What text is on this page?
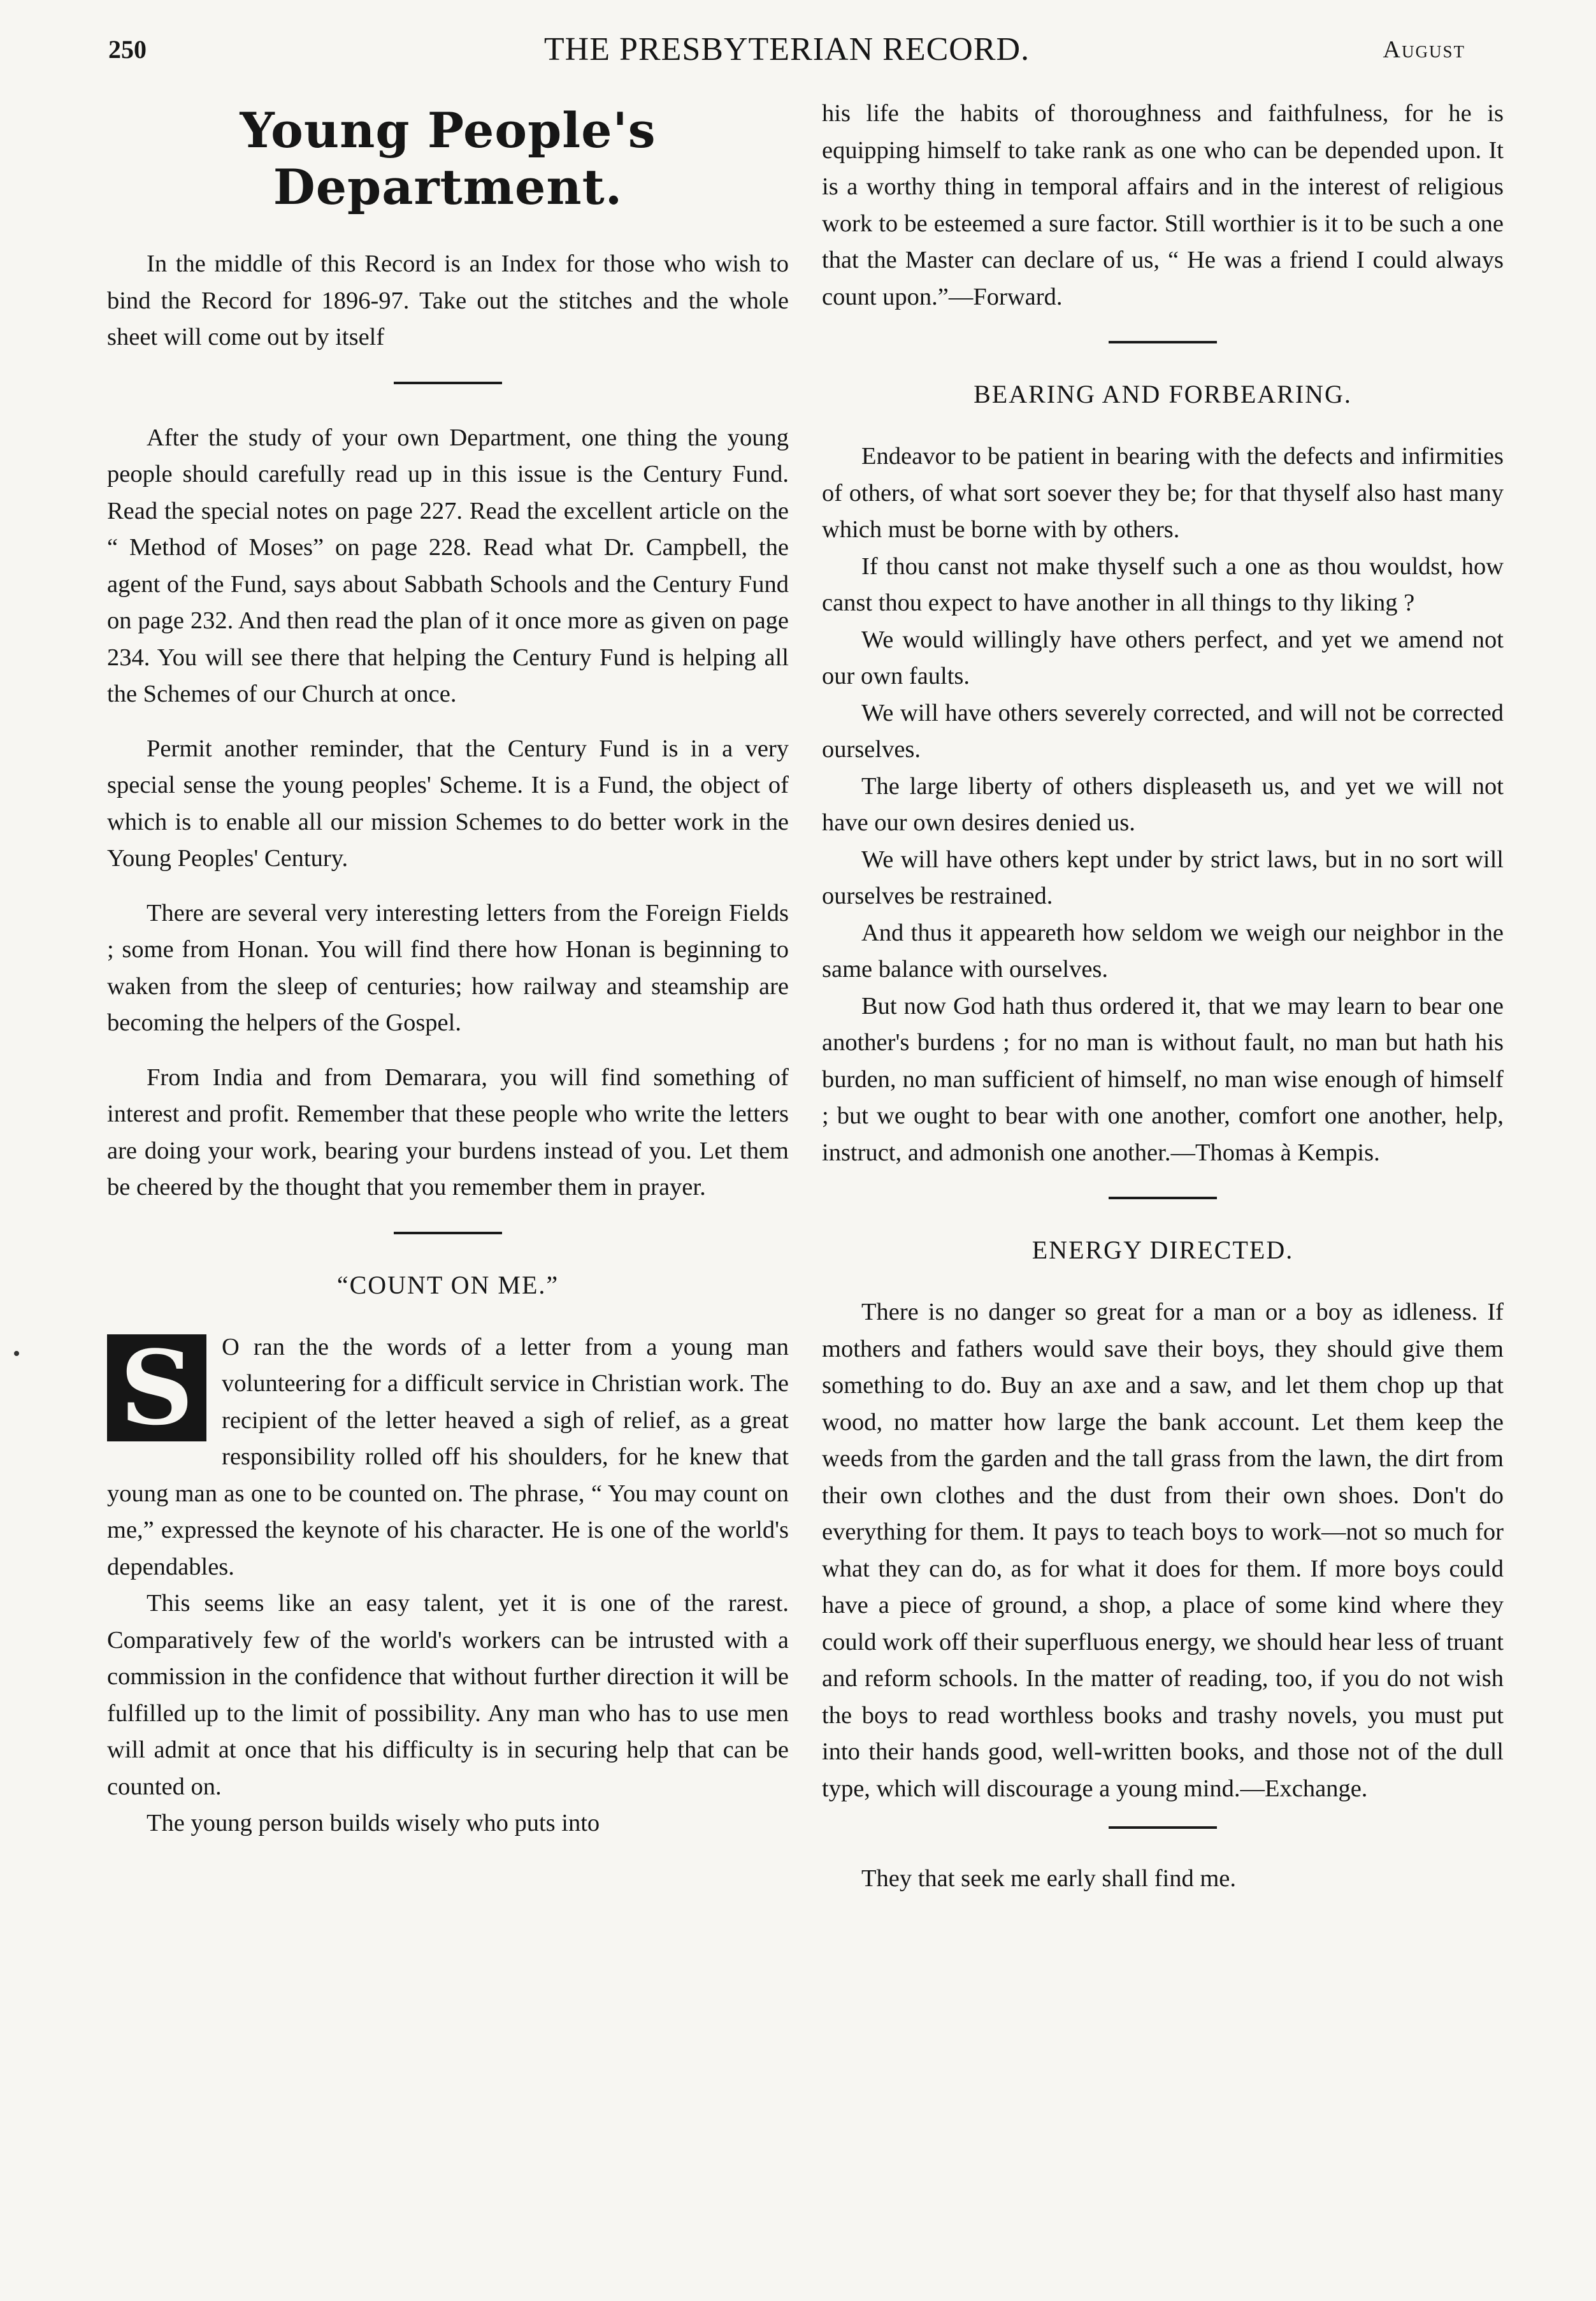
250	THE PRESBYTERIAN RECORD.	August
Young People's Department.

In the middle of this Record is an Index for those who wish to bind the Record for 1896-97. Take out the stitches and the whole sheet will come out by itself

After the study of your own Department, one thing the young people should carefully read up in this issue is the Century Fund. Read the special notes on page 227. Read the excellent article on the “ Method of Moses” on page 228. Read what Dr. Campbell, the agent of the Fund, says about Sabbath Schools and the Century Fund on page 232. And then read the plan of it once more as given on page 234. You will see there that helping the Century Fund is helping all the Schemes of our Church at once.

Permit another reminder, that the Century Fund is in a very special sense the young peoples' Scheme. It is a Fund, the object of which is to enable all our mission Schemes to do better work in the Young Peoples' Century.

There are several very interesting letters from the Foreign Fields ; some from Honan. You will find there how Honan is beginning to waken from the sleep of centuries; how railway and steamship are becoming the helpers of the Gospel.

From India and from Demarara, you will find something of interest and profit. Remember that these people who write the letters are doing your work, bearing your burdens instead of you. Let them be cheered by the thought that you remember them in prayer.

“COUNT ON ME.”

S	O ran the the words of a letter from a young man volunteering for a difficult service in Christian work. The recipient of the letter heaved a sigh of relief, as a great responsibility rolled off his shoulders, for he knew that young man as one to be counted on. The phrase, “ You may count on me,” expressed the keynote of his character. He is one of the world's dependables.

This seems like an easy talent, yet it is one of the rarest. Comparatively few of the world's workers can be intrusted with a commission in the confidence that without further direction it will be fulfilled up to the limit of possibility. Any man who has to use men will admit at once that his difficulty is in securing help that can be counted on.

The young person builds wisely who puts into

his life the habits of thoroughness and faithfulness, for he is equipping himself to take rank as one who can be depended upon. It is a worthy thing in temporal affairs and in the interest of religious work to be esteemed a sure factor. Still worthier is it to be such a one that the Master can declare of us, “ He was a friend I could always count upon.”—Forward.

BEARING AND FORBEARING.

Endeavor to be patient in bearing with the defects and infirmities of others, of what sort soever they be; for that thyself also hast many which must be borne with by others.

If thou canst not make thyself such a one as thou wouldst, how canst thou expect to have another in all things to thy liking ?

We would willingly have others perfect, and yet we amend not our own faults.

We will have others severely corrected, and will not be corrected ourselves.

The large liberty of others displeaseth us, and yet we will not have our own desires denied us.

We will have others kept under by strict laws, but in no sort will ourselves be restrained.

And thus it appeareth how seldom we weigh our neighbor in the same balance with ourselves.

But now God hath thus ordered it, that we may learn to bear one another's burdens ; for no man is without fault, no man but hath his burden, no man sufficient of himself, no man wise enough of himself ; but we ought to bear with one another, comfort one another, help, instruct, and admonish one another.—Thomas à Kempis.

ENERGY DIRECTED.

There is no danger so great for a man or a boy as idleness. If mothers and fathers would save their boys, they should give them something to do. Buy an axe and a saw, and let them chop up that wood, no matter how large the bank account. Let them keep the weeds from the garden and the tall grass from the lawn, the dirt from their own clothes and the dust from their own shoes. Don't do everything for them. It pays to teach boys to work—not so much for what they can do, as for what it does for them. If more boys could have a piece of ground, a shop, a place of some kind where they could work off their superfluous energy, we should hear less of truant and reform schools. In the matter of reading, too, if you do not wish the boys to read worthless books and trashy novels, you must put into their hands good, well-written books, and those not of the dull type, which will discourage a young mind.—Exchange.

They that seek me early shall find me.
